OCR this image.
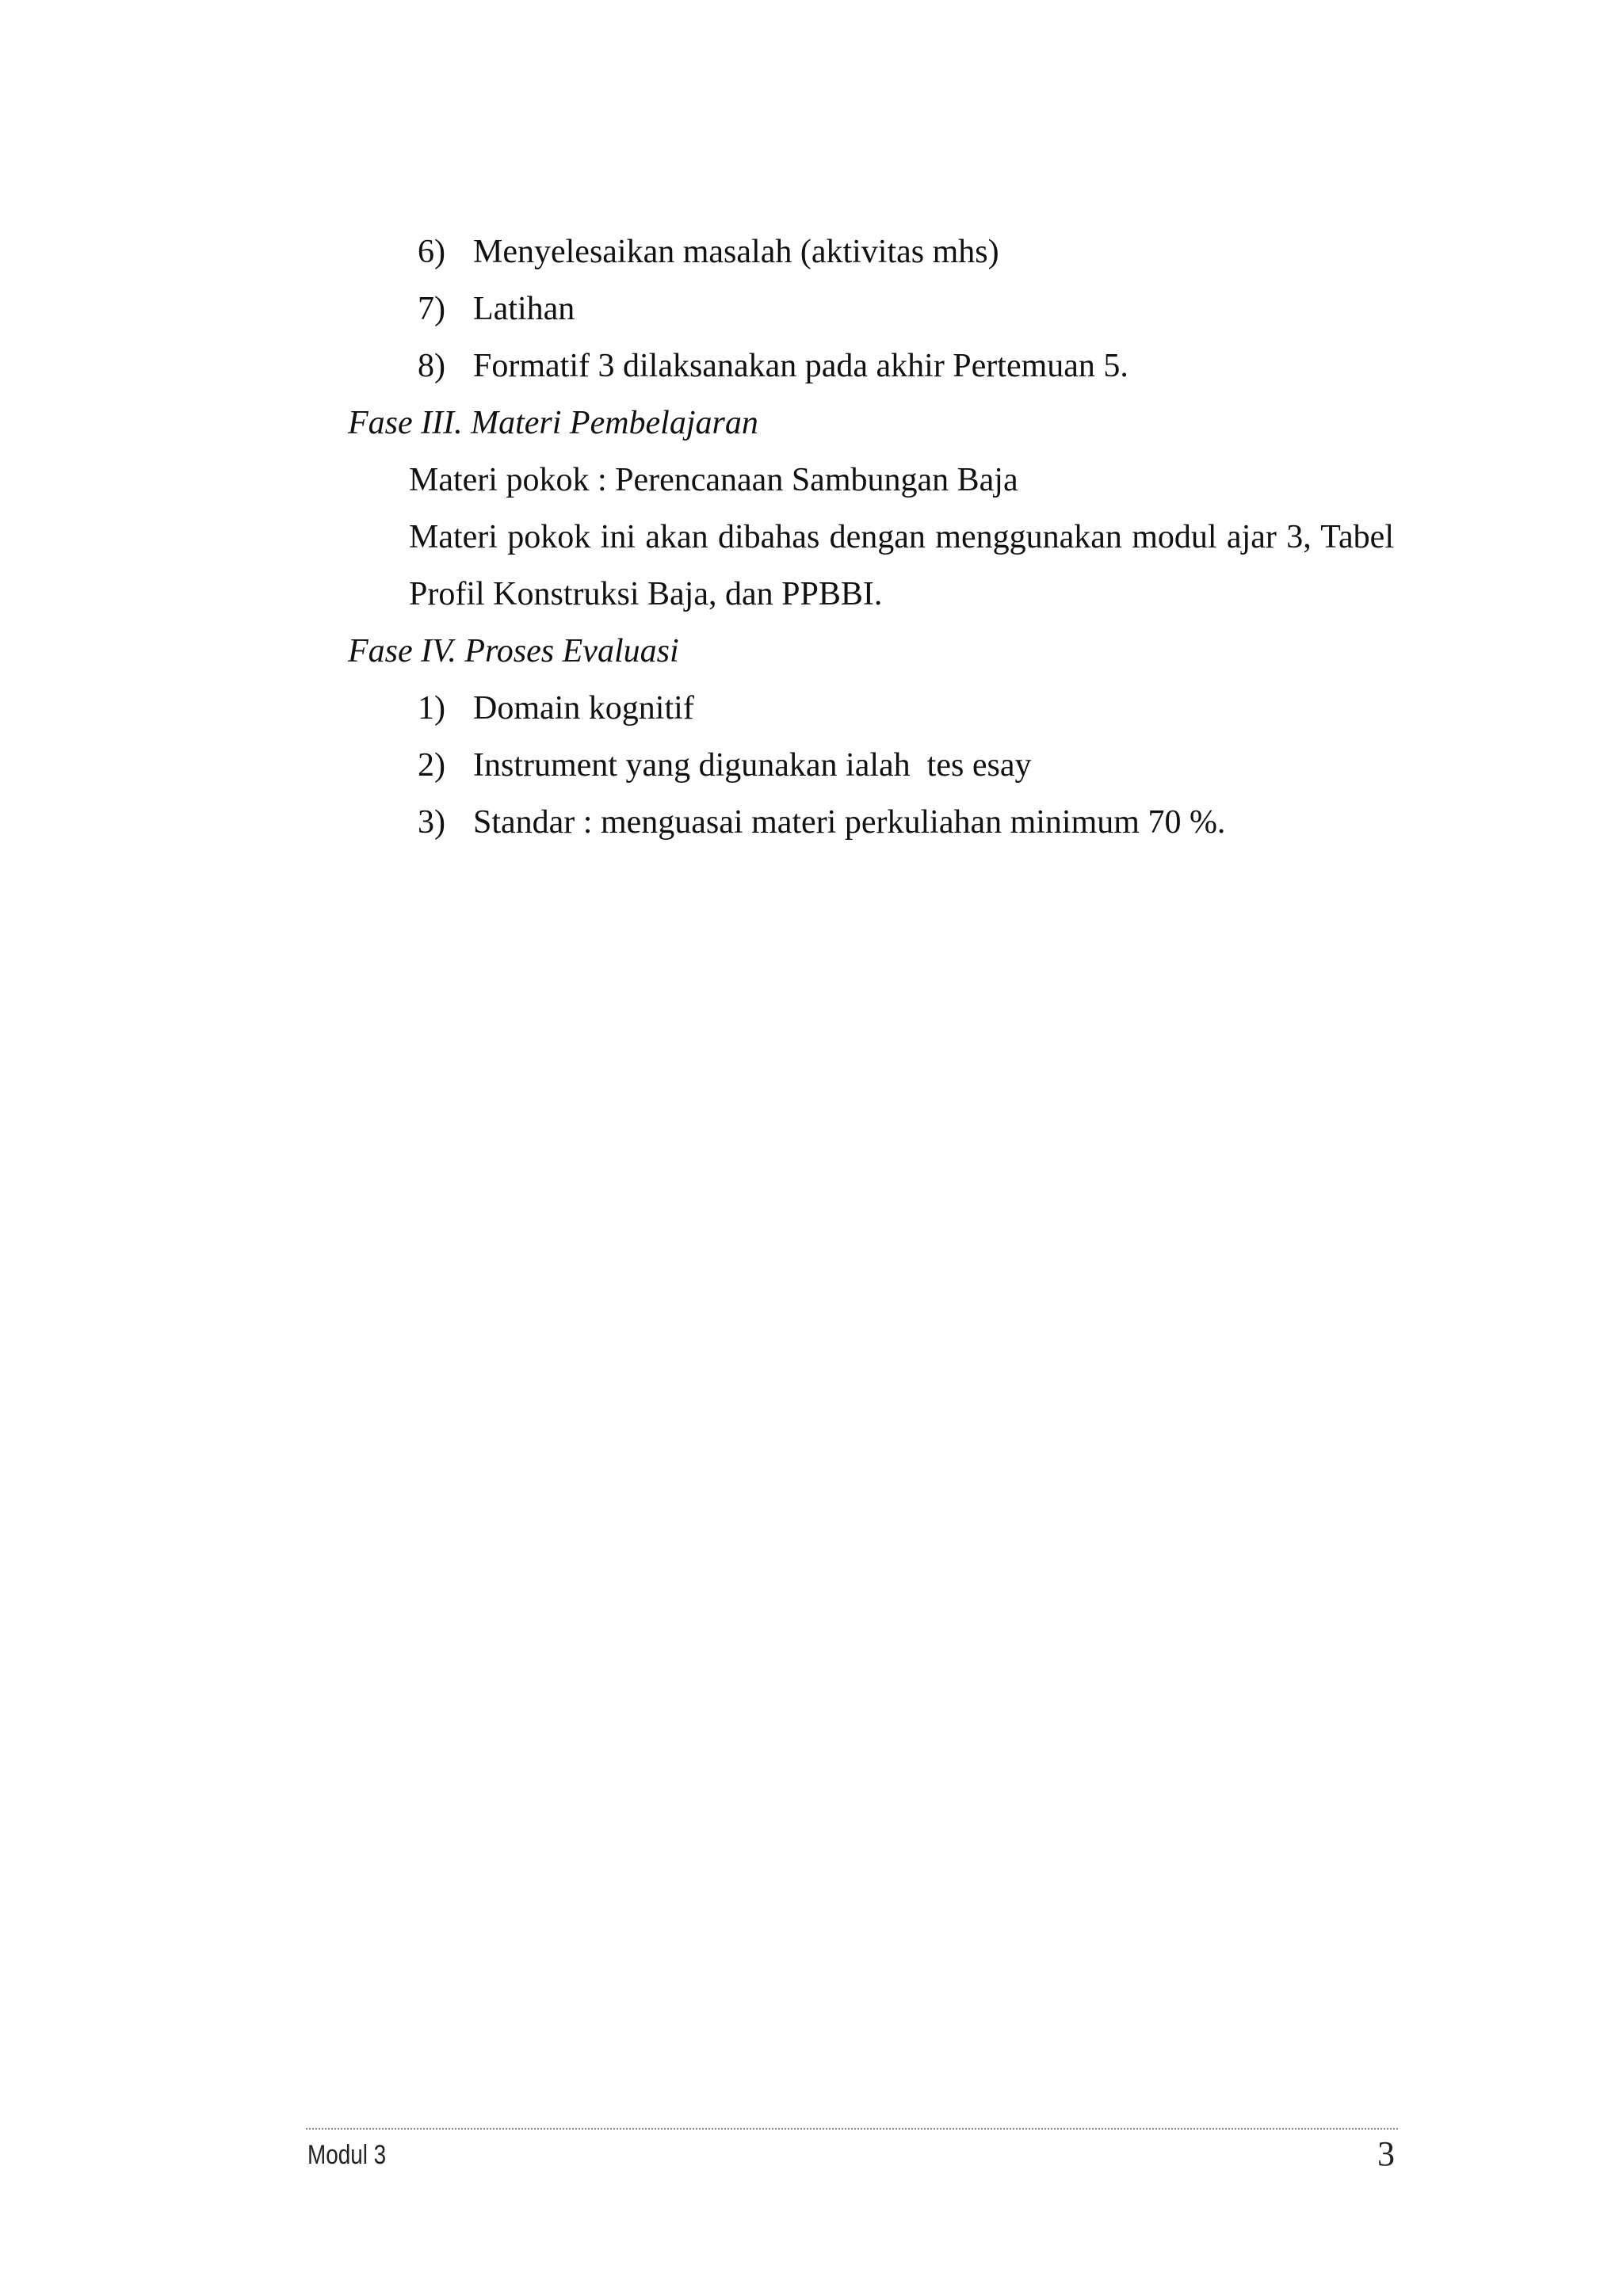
6) Menyelesaikan masalah (aktivitas mhs)
7) Latihan
8) Formatif 3 dilaksanakan pada akhir Pertemuan 5.
Fase III. Materi Pembelajaran
Materi pokok : Perencanaan Sambungan Baja
Materi pokok ini akan dibahas dengan menggunakan modul ajar 3, Tabel
Profil Konstruksi Baja, dan PPBBI.
Fase IV. Proses Evaluasi
1) Domain kognitif
2) Instrument yang digunakan ialah  tes esay
3) Standar : menguasai materi perkuliahan minimum 70 %.
Modul 3	3
